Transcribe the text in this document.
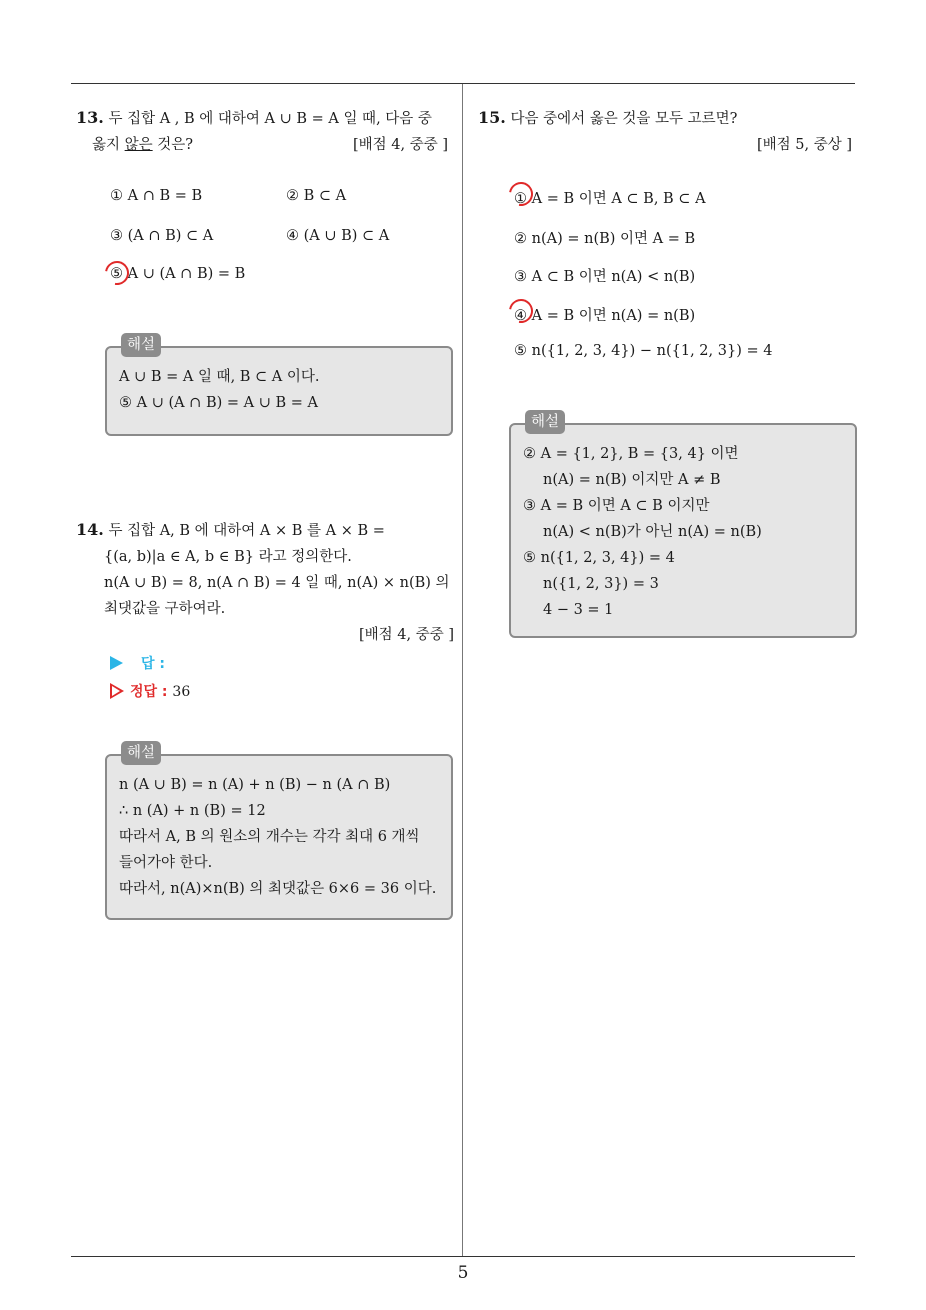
5
13. 두 집합 A , B 에 대하여 A ∪ B = A 일 때, 다음 중
옳지 않은 것은?	[배점 4, 중중 ]
① A ∩ B = B	② B ⊂ A
③ (A ∩ B) ⊂ A	④ (A ∪ B) ⊂ A
⑤ A ∪ (A ∩ B) = B
해설
A ∪ B = A 일 때, B ⊂ A 이다.
⑤ A ∪ (A ∩ B) = A ∪ B = A
14. 두 집합 A, B 에 대하여 A × B 를 A × B =
{(a, b)|a ∈ A, b ∈ B} 라고 정의한다.
n(A ∪ B) = 8, n(A ∩ B) = 4 일 때, n(A) × n(B) 의
최댓값을 구하여라.
[배점 4, 중중 ]
답 :
정답 : 36
해설
n (A ∪ B) = n (A) + n (B) − n (A ∩ B)
∴ n (A) + n (B) = 12
따라서 A, B 의 원소의 개수는 각각 최대 6 개씩
들어가야 한다.
따라서, n(A)×n(B) 의 최댓값은 6×6 = 36 이다.
15. 다음 중에서 옳은 것을 모두 고르면?
[배점 5, 중상 ]
① A = B 이면 A ⊂ B, B ⊂ A
② n(A) = n(B) 이면 A = B
③ A ⊂ B 이면 n(A) < n(B)
④ A = B 이면 n(A) = n(B)
⑤ n({1, 2, 3, 4}) − n({1, 2, 3}) = 4
해설
② A = {1, 2}, B = {3, 4} 이면
n(A) = n(B) 이지만 A ≠ B
③ A = B 이면 A ⊂ B 이지만
n(A) < n(B)가 아닌 n(A) = n(B)
⑤ n({1, 2, 3, 4}) = 4
n({1, 2, 3}) = 3
4 − 3 = 1
